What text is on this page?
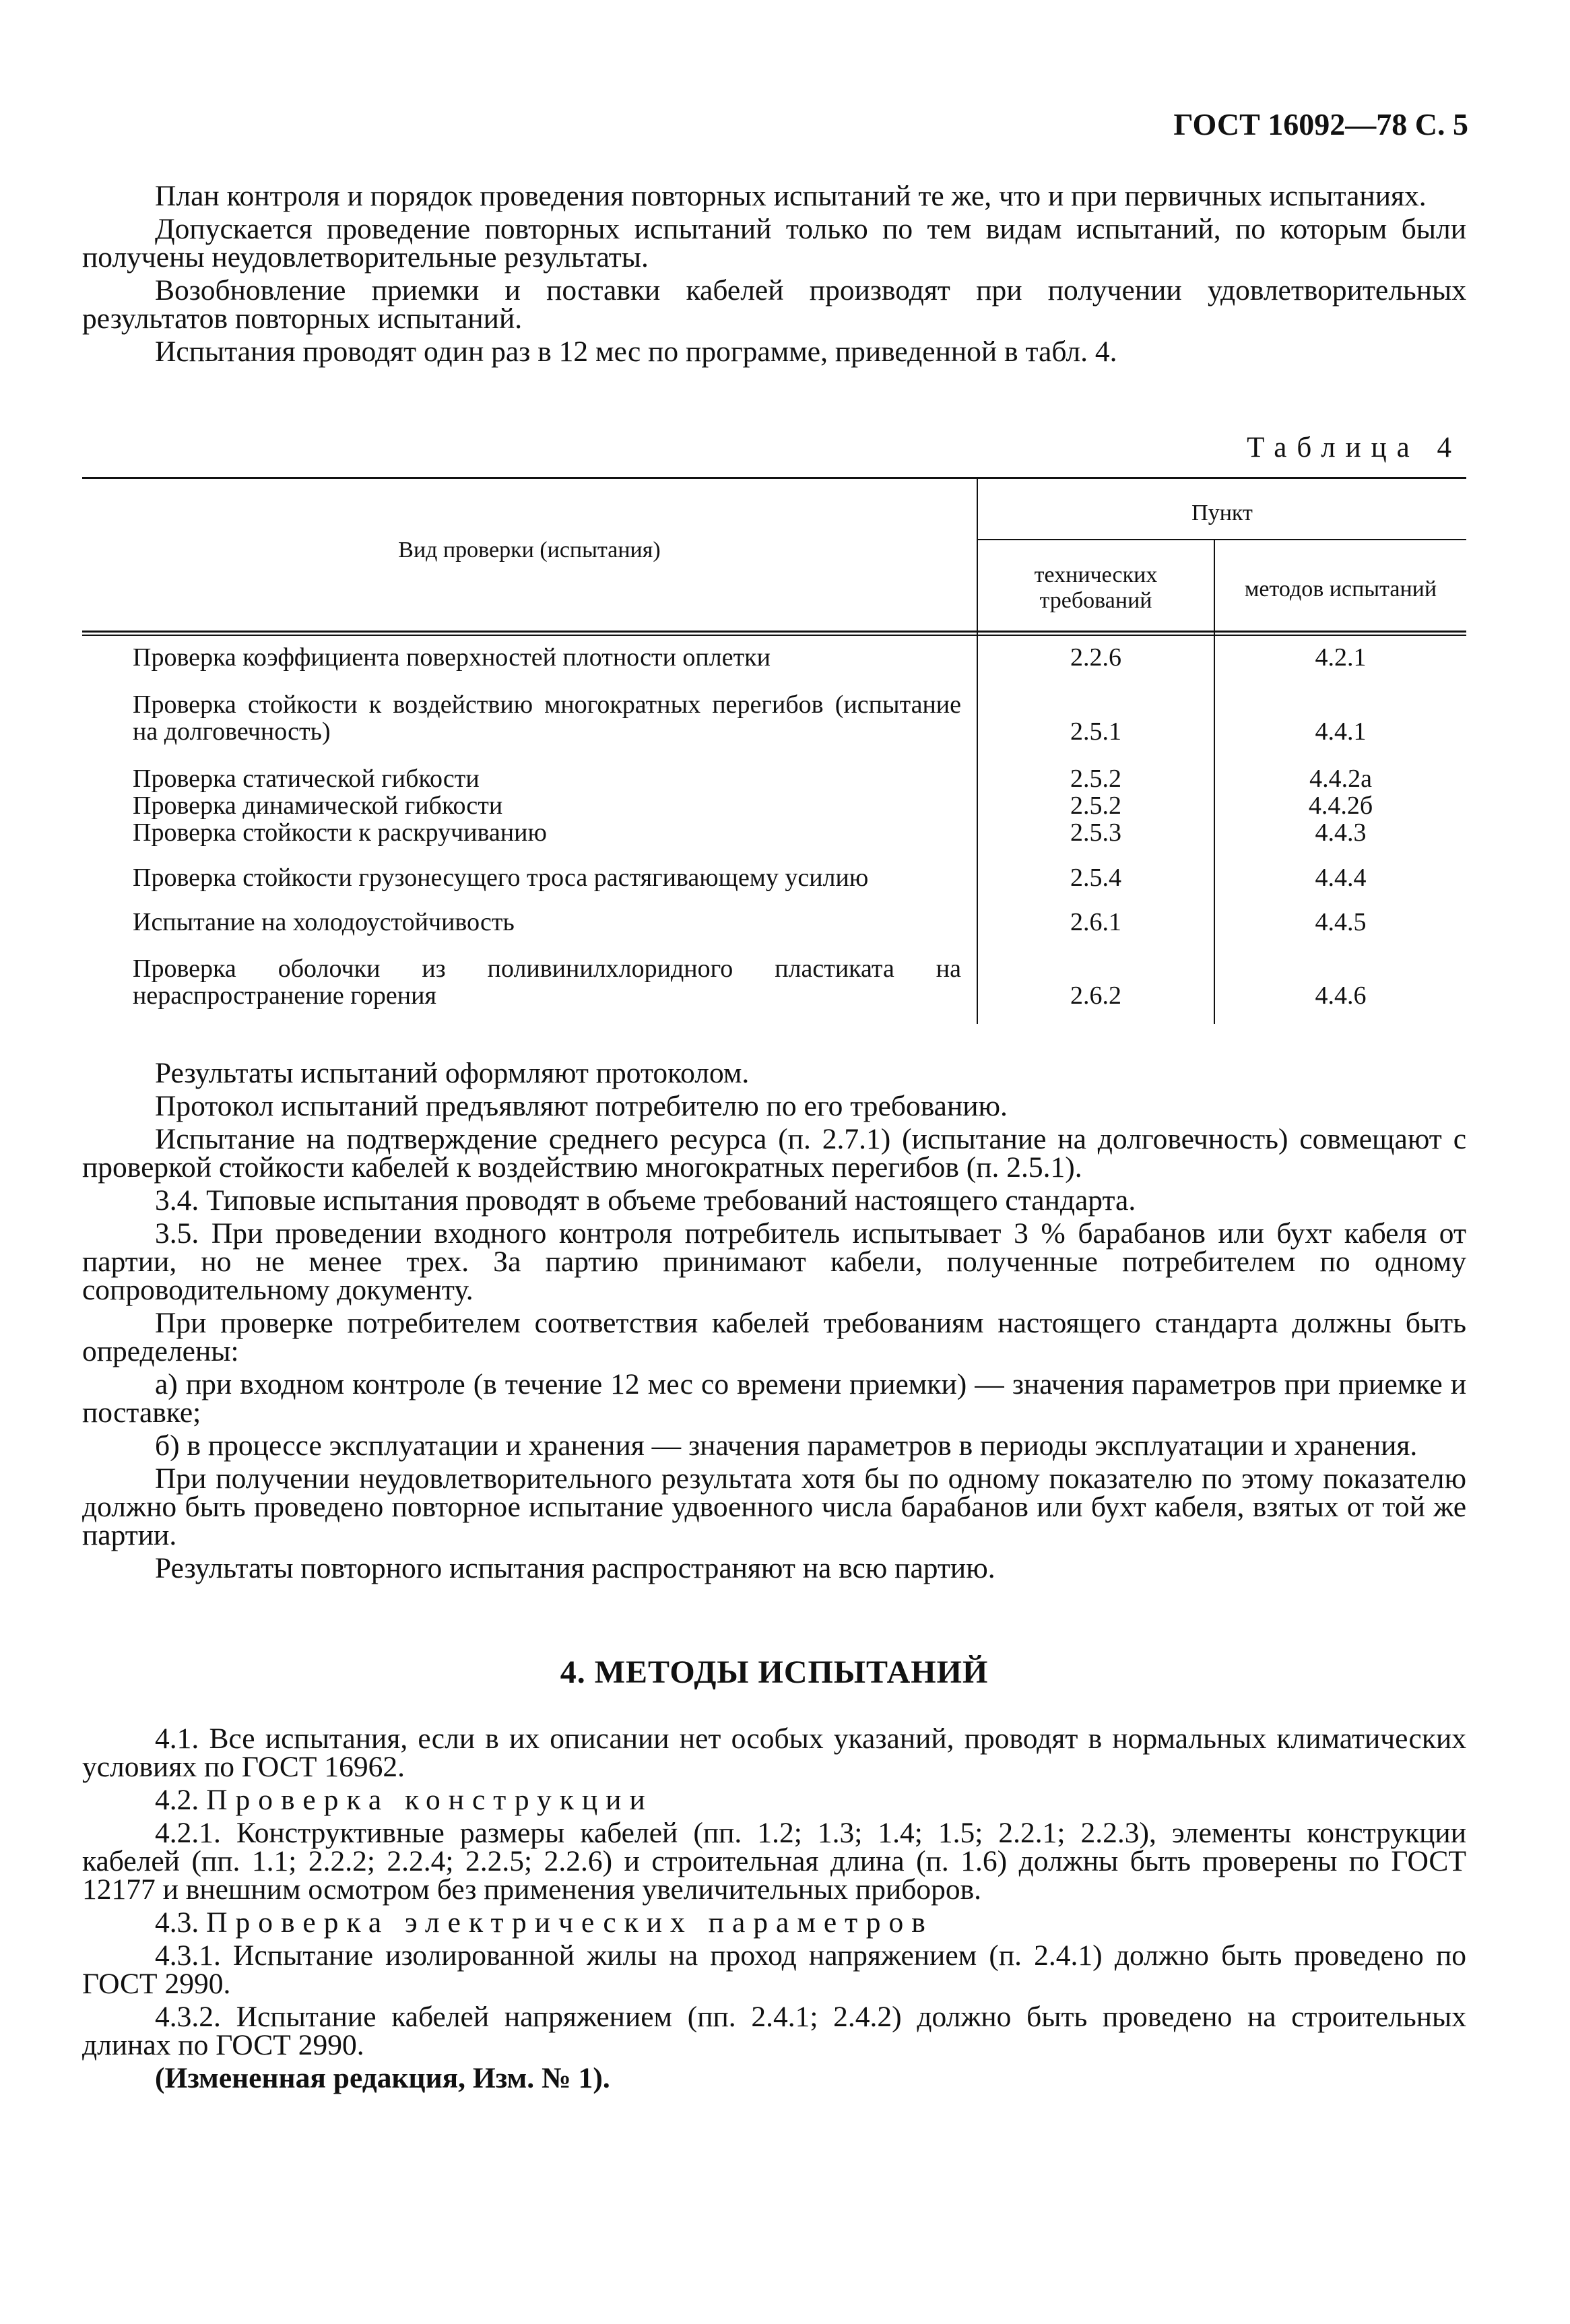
ГОСТ 16092—78 С. 5

План контроля и порядок проведения повторных испытаний те же, что и при первичных испытаниях.

Допускается проведение повторных испытаний только по тем видам испытаний, по которым были получены неудовлетворительные результаты.

Возобновление приемки и поставки кабелей производят при получении удовлетворительных результатов повторных испытаний.

Испытания проводят один раз в 12 мес по программе, приведенной в табл. 4.

Таблица 4
Вид проверки (испытания)
Пункт
технических требований	методов испытаний
Проверка коэффициента поверхностей плотности оплетки	2.2.6	4.2.1
Проверка стойкости к воздействию многократных перегибов (испытание на долговечность)	2.5.1	4.4.1
Проверка статической гибкости	2.5.2	4.4.2а
Проверка динамической гибкости	2.5.2	4.4.2б
Проверка стойкости к раскручиванию	2.5.3	4.4.3
Проверка стойкости грузонесущего троса растягивающему усилию	2.5.4	4.4.4
Испытание на холодоустойчивость	2.6.1	4.4.5
Проверка оболочки из поливинилхлоридного пластиката на нераспространение горения	2.6.2	4.4.6

Результаты испытаний оформляют протоколом.

Протокол испытаний предъявляют потребителю по его требованию.

Испытание на подтверждение среднего ресурса (п. 2.7.1) (испытание на долговечность) совмещают с проверкой стойкости кабелей к воздействию многократных перегибов (п. 2.5.1).

3.4. Типовые испытания проводят в объеме требований настоящего стандарта.

3.5. При проведении входного контроля потребитель испытывает 3 % барабанов или бухт кабеля от партии, но не менее трех. За партию принимают кабели, полученные потребителем по одному сопроводительному документу.

При проверке потребителем соответствия кабелей требованиям настоящего стандарта должны быть определены:

а) при входном контроле (в течение 12 мес со времени приемки) — значения параметров при приемке и поставке;

б) в процессе эксплуатации и хранения — значения параметров в периоды эксплуатации и хранения.

При получении неудовлетворительного результата хотя бы по одному показателю по этому показателю должно быть проведено повторное испытание удвоенного числа барабанов или бухт кабеля, взятых от той же партии.

Результаты повторного испытания распространяют на всю партию.

4. МЕТОДЫ ИСПЫТАНИЙ

4.1. Все испытания, если в их описании нет особых указаний, проводят в нормальных климатических условиях по ГОСТ 16962.

4.2. Проверка конструкции

4.2.1. Конструктивные размеры кабелей (пп. 1.2; 1.3; 1.4; 1.5; 2.2.1; 2.2.3), элементы конструкции кабелей (пп. 1.1; 2.2.2; 2.2.4; 2.2.5; 2.2.6) и строительная длина (п. 1.6) должны быть проверены по ГОСТ 12177 и внешним осмотром без применения увеличительных приборов.

4.3. Проверка электрических параметров

4.3.1. Испытание изолированной жилы на проход напряжением (п. 2.4.1) должно быть проведено по ГОСТ 2990.

4.3.2. Испытание кабелей напряжением (пп. 2.4.1; 2.4.2) должно быть проведено на строительных длинах по ГОСТ 2990.

(Измененная редакция, Изм. № 1).
